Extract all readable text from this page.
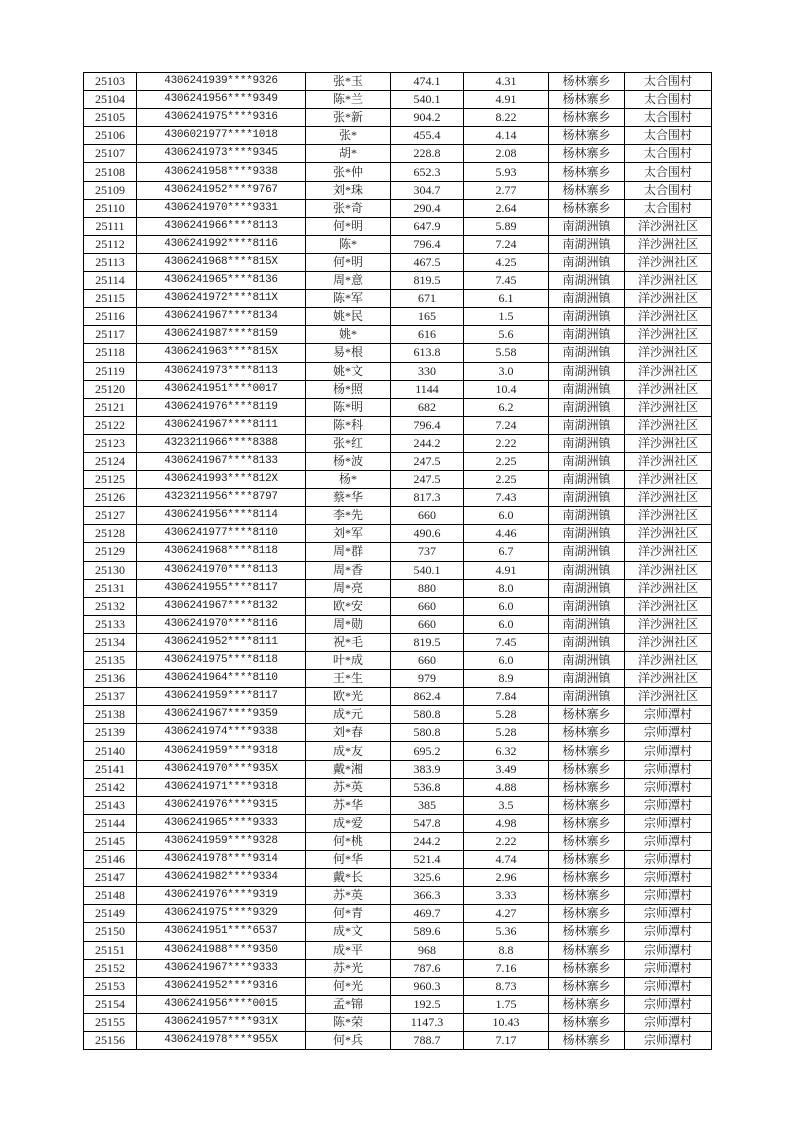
25103	4306241939****9326	张*玉	474.1	4.31	杨林寨乡	太合围村
25104	4306241956****9349	陈*兰	540.1	4.91	杨林寨乡	太合围村
25105	4306241975****9316	张*新	904.2	8.22	杨林寨乡	太合围村
25106	4306021977****1018	张*	455.4	4.14	杨林寨乡	太合围村
25107	4306241973****9345	胡*	228.8	2.08	杨林寨乡	太合围村
25108	4306241958****9338	张*仲	652.3	5.93	杨林寨乡	太合围村
25109	4306241952****9767	刘*珠	304.7	2.77	杨林寨乡	太合围村
25110	4306241970****9331	张*奇	290.4	2.64	杨林寨乡	太合围村
25111	4306241966****8113	何*明	647.9	5.89	南湖洲镇	洋沙洲社区
25112	4306241992****8116	陈*	796.4	7.24	南湖洲镇	洋沙洲社区
25113	4306241968****815X	何*明	467.5	4.25	南湖洲镇	洋沙洲社区
25114	4306241965****8136	周*意	819.5	7.45	南湖洲镇	洋沙洲社区
25115	4306241972****811X	陈*军	671	6.1	南湖洲镇	洋沙洲社区
25116	4306241967****8134	姚*民	165	1.5	南湖洲镇	洋沙洲社区
25117	4306241987****8159	姚*	616	5.6	南湖洲镇	洋沙洲社区
25118	4306241963****815X	易*根	613.8	5.58	南湖洲镇	洋沙洲社区
25119	4306241973****8113	姚*文	330	3.0	南湖洲镇	洋沙洲社区
25120	4306241951****0017	杨*照	1144	10.4	南湖洲镇	洋沙洲社区
25121	4306241976****8119	陈*明	682	6.2	南湖洲镇	洋沙洲社区
25122	4306241967****8111	陈*科	796.4	7.24	南湖洲镇	洋沙洲社区
25123	4323211966****8388	张*红	244.2	2.22	南湖洲镇	洋沙洲社区
25124	4306241967****8133	杨*波	247.5	2.25	南湖洲镇	洋沙洲社区
25125	4306241993****812X	杨*	247.5	2.25	南湖洲镇	洋沙洲社区
25126	4323211956****8797	蔡*华	817.3	7.43	南湖洲镇	洋沙洲社区
25127	4306241956****8114	李*先	660	6.0	南湖洲镇	洋沙洲社区
25128	4306241977****8110	刘*军	490.6	4.46	南湖洲镇	洋沙洲社区
25129	4306241968****8118	周*群	737	6.7	南湖洲镇	洋沙洲社区
25130	4306241970****8113	周*香	540.1	4.91	南湖洲镇	洋沙洲社区
25131	4306241955****8117	周*亮	880	8.0	南湖洲镇	洋沙洲社区
25132	4306241967****8132	欧*安	660	6.0	南湖洲镇	洋沙洲社区
25133	4306241970****8116	周*勋	660	6.0	南湖洲镇	洋沙洲社区
25134	4306241952****8111	祝*毛	819.5	7.45	南湖洲镇	洋沙洲社区
25135	4306241975****8118	叶*成	660	6.0	南湖洲镇	洋沙洲社区
25136	4306241964****8110	王*生	979	8.9	南湖洲镇	洋沙洲社区
25137	4306241959****8117	欧*光	862.4	7.84	南湖洲镇	洋沙洲社区
25138	4306241967****9359	成*元	580.8	5.28	杨林寨乡	宗师潭村
25139	4306241974****9338	刘*春	580.8	5.28	杨林寨乡	宗师潭村
25140	4306241959****9318	成*友	695.2	6.32	杨林寨乡	宗师潭村
25141	4306241970****935X	戴*湘	383.9	3.49	杨林寨乡	宗师潭村
25142	4306241971****9318	苏*英	536.8	4.88	杨林寨乡	宗师潭村
25143	4306241976****9315	苏*华	385	3.5	杨林寨乡	宗师潭村
25144	4306241965****9333	成*爱	547.8	4.98	杨林寨乡	宗师潭村
25145	4306241959****9328	何*桃	244.2	2.22	杨林寨乡	宗师潭村
25146	4306241978****9314	何*华	521.4	4.74	杨林寨乡	宗师潭村
25147	4306241982****9334	戴*长	325.6	2.96	杨林寨乡	宗师潭村
25148	4306241976****9319	苏*英	366.3	3.33	杨林寨乡	宗师潭村
25149	4306241975****9329	何*青	469.7	4.27	杨林寨乡	宗师潭村
25150	4306241951****6537	成*文	589.6	5.36	杨林寨乡	宗师潭村
25151	4306241988****9350	成*平	968	8.8	杨林寨乡	宗师潭村
25152	4306241967****9333	苏*光	787.6	7.16	杨林寨乡	宗师潭村
25153	4306241952****9316	何*光	960.3	8.73	杨林寨乡	宗师潭村
25154	4306241956****0015	孟*锦	192.5	1.75	杨林寨乡	宗师潭村
25155	4306241957****931X	陈*荣	1147.3	10.43	杨林寨乡	宗师潭村
25156	4306241978****955X	何*兵	788.7	7.17	杨林寨乡	宗师潭村
